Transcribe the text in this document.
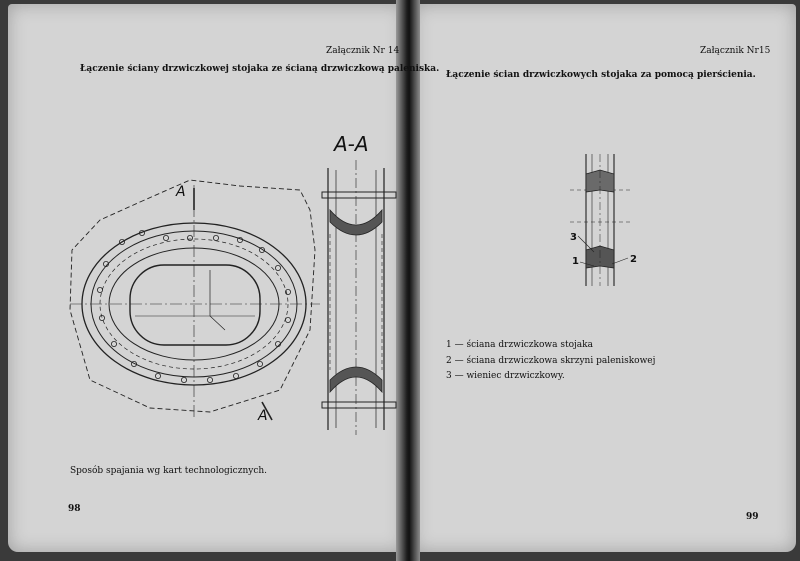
Załącznik Nr 14
Łączenie ściany drzwiczkowej stojaka ze ścianą drzwiczkową paleniska.
Sposób spajania wg kart technologicznych.
98
A-A
A
A
Załącznik Nr15
Łączenie ścian drzwiczkowych stojaka za pomocą pierścienia.
3
1	2
1 — ściana drzwiczkowa stojaka
2 — ściana drzwiczkowa skrzyni paleniskowej
3 — wieniec drzwiczkowy.
99
